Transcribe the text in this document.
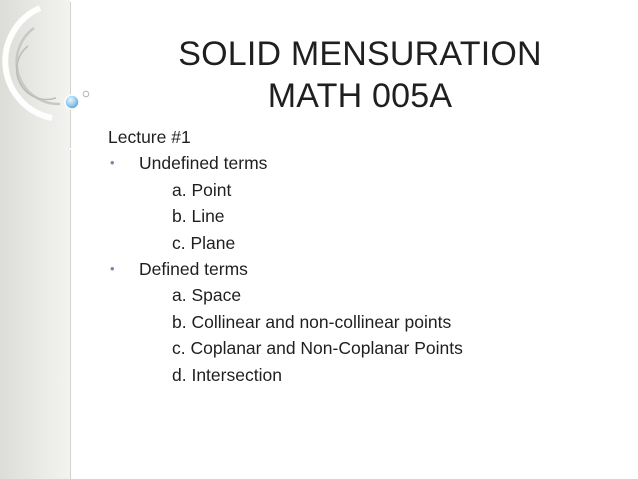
SOLID MENSURATION
MATH 005A
Lecture #1
• Undefined terms
a. Point
b. Line
c. Plane
• Defined terms
a. Space
b. Collinear and non-collinear points
c. Coplanar and Non-Coplanar Points
d. Intersection
